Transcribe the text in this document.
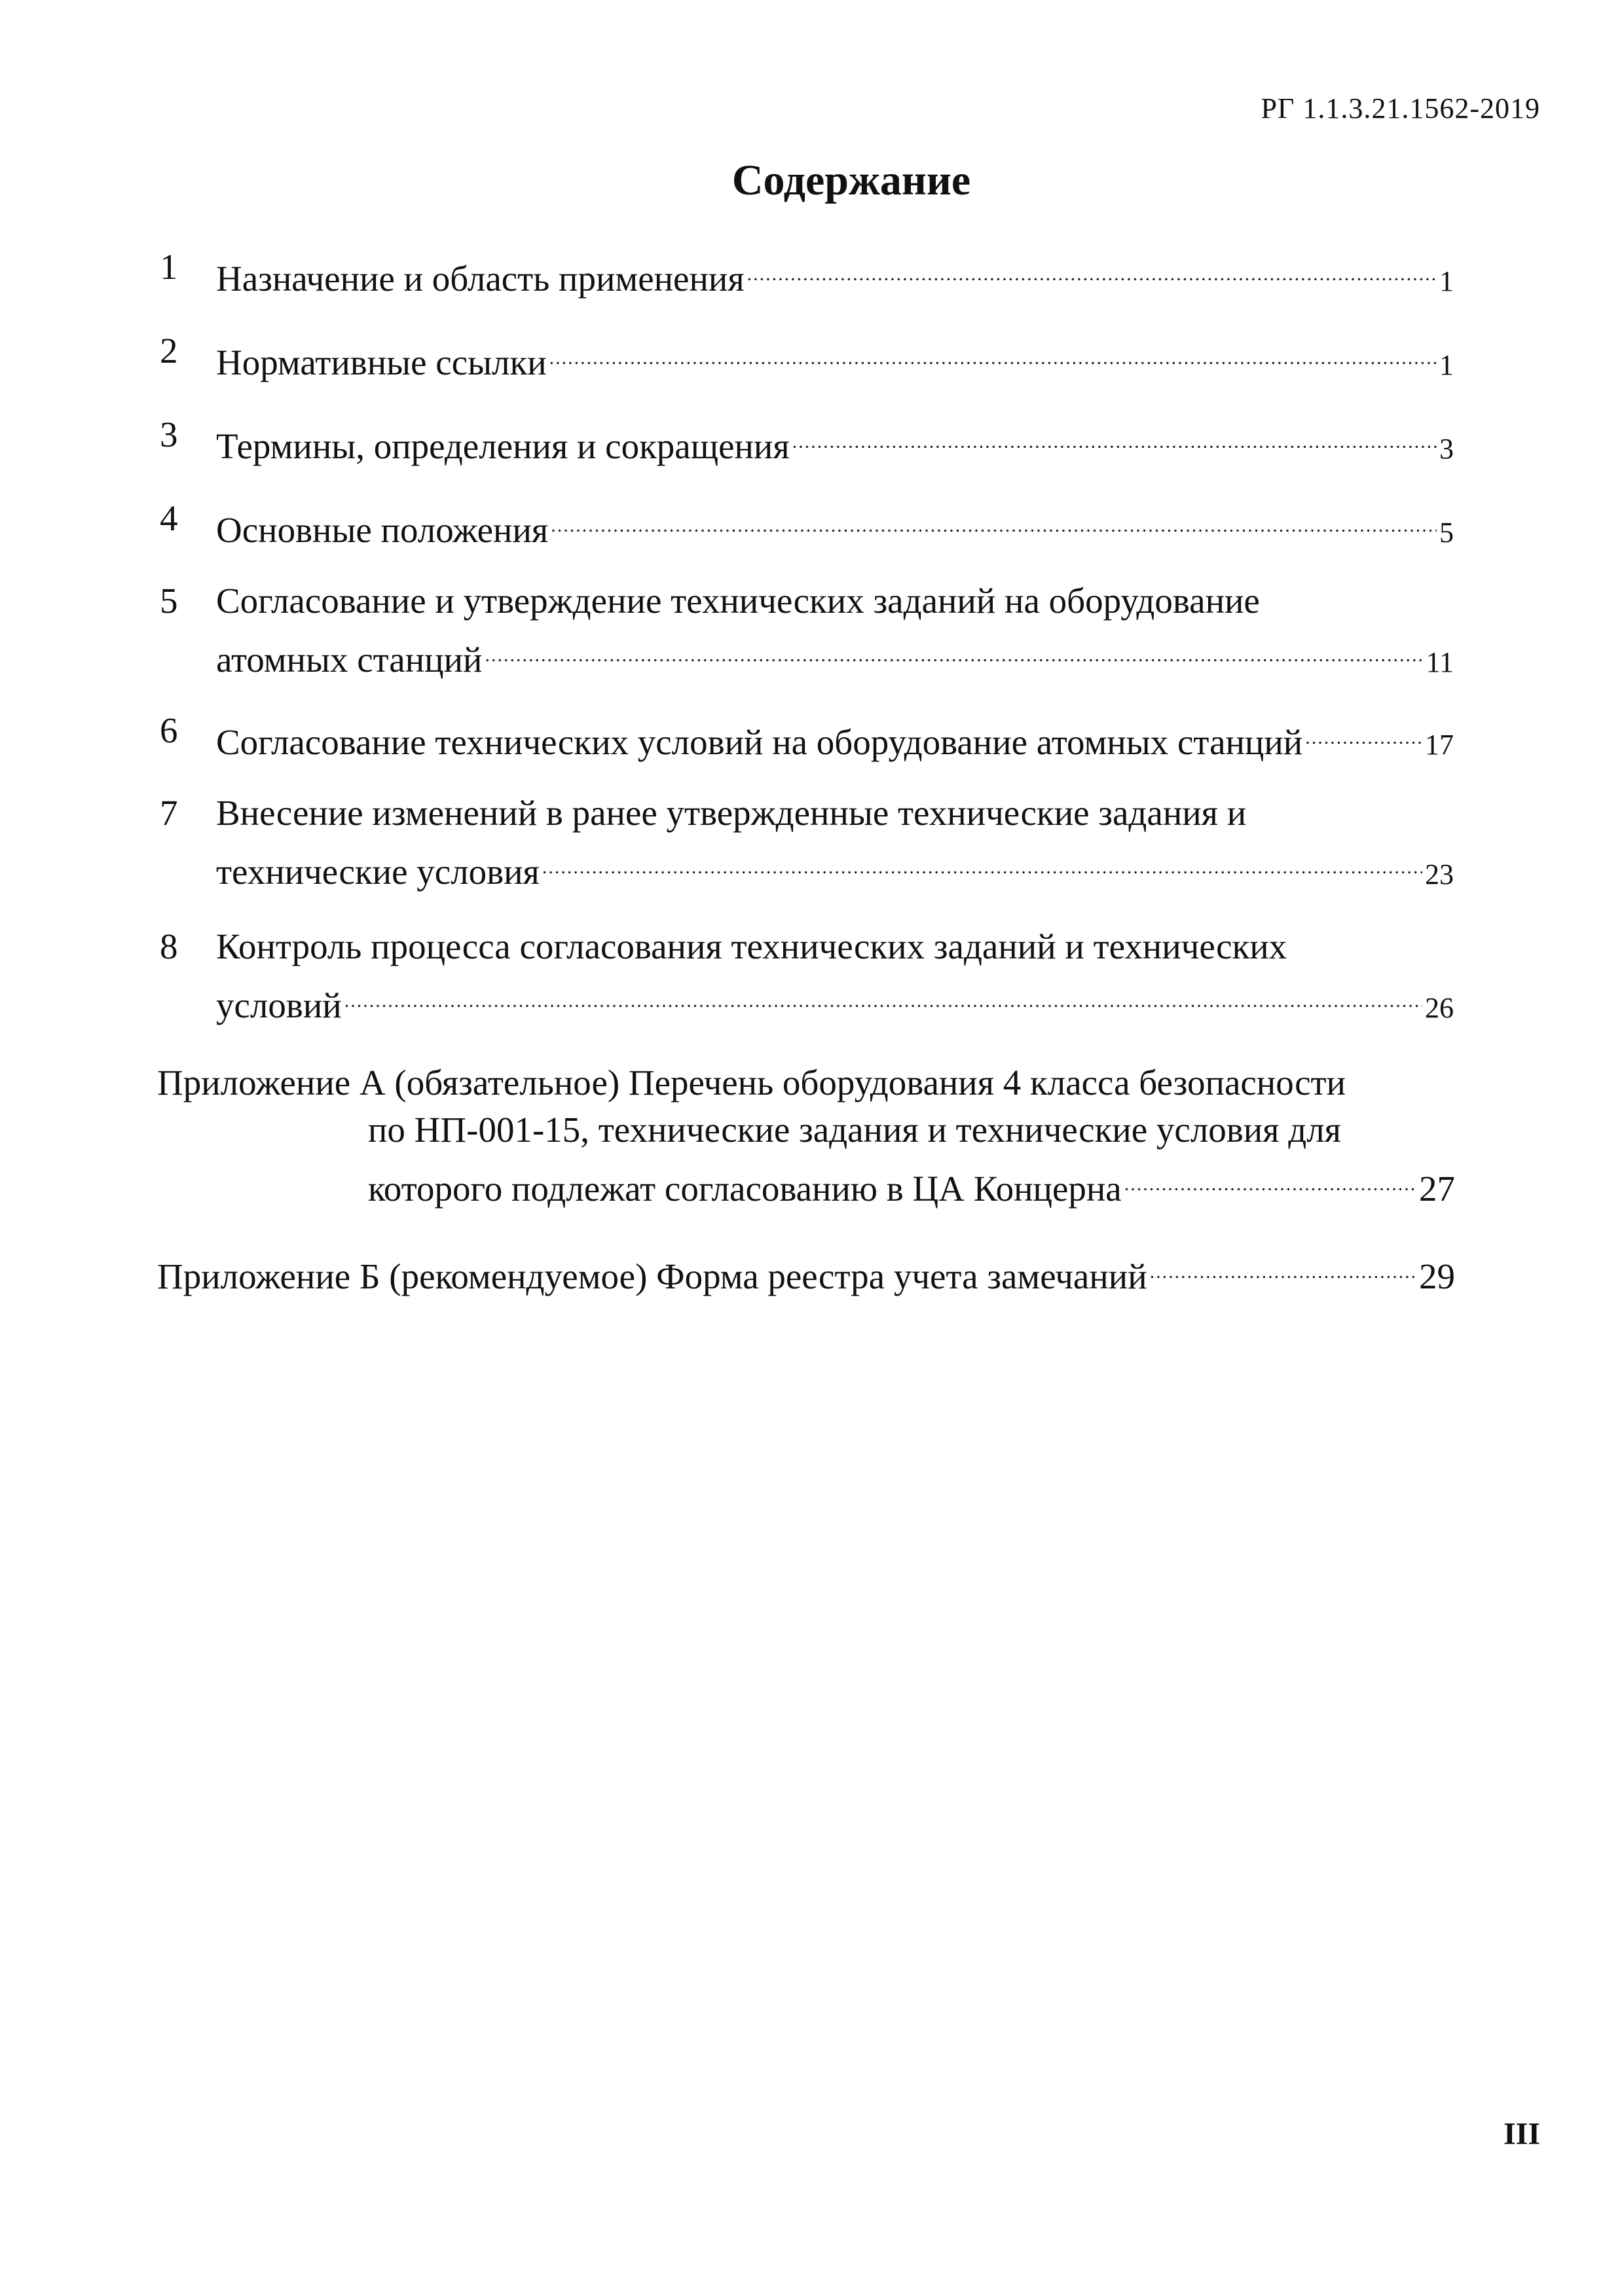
РГ 1.1.3.21.1562-2019
Содержание
1 Назначение и область применения .....	1
2 Нормативные ссылки .....	1
3 Термины, определения и сокращения .....	3
4 Основные положения .....	5
5 Согласование и утверждение технических заданий на оборудование
атомных станций .....	11
6 Согласование технических условий на оборудование атомных станций .....	17
7 Внесение изменений в ранее утвержденные технические задания и
технические условия .....	23
8 Контроль процесса согласования технических заданий и технических
условий .....	26
Приложение А (обязательное) Перечень оборудования 4 класса безопасности
по НП-001-15, технические задания и технические условия для
которого подлежат согласованию в ЦА Концерна .....	27
Приложение Б (рекомендуемое) Форма реестра учета замечаний .....	29
III
